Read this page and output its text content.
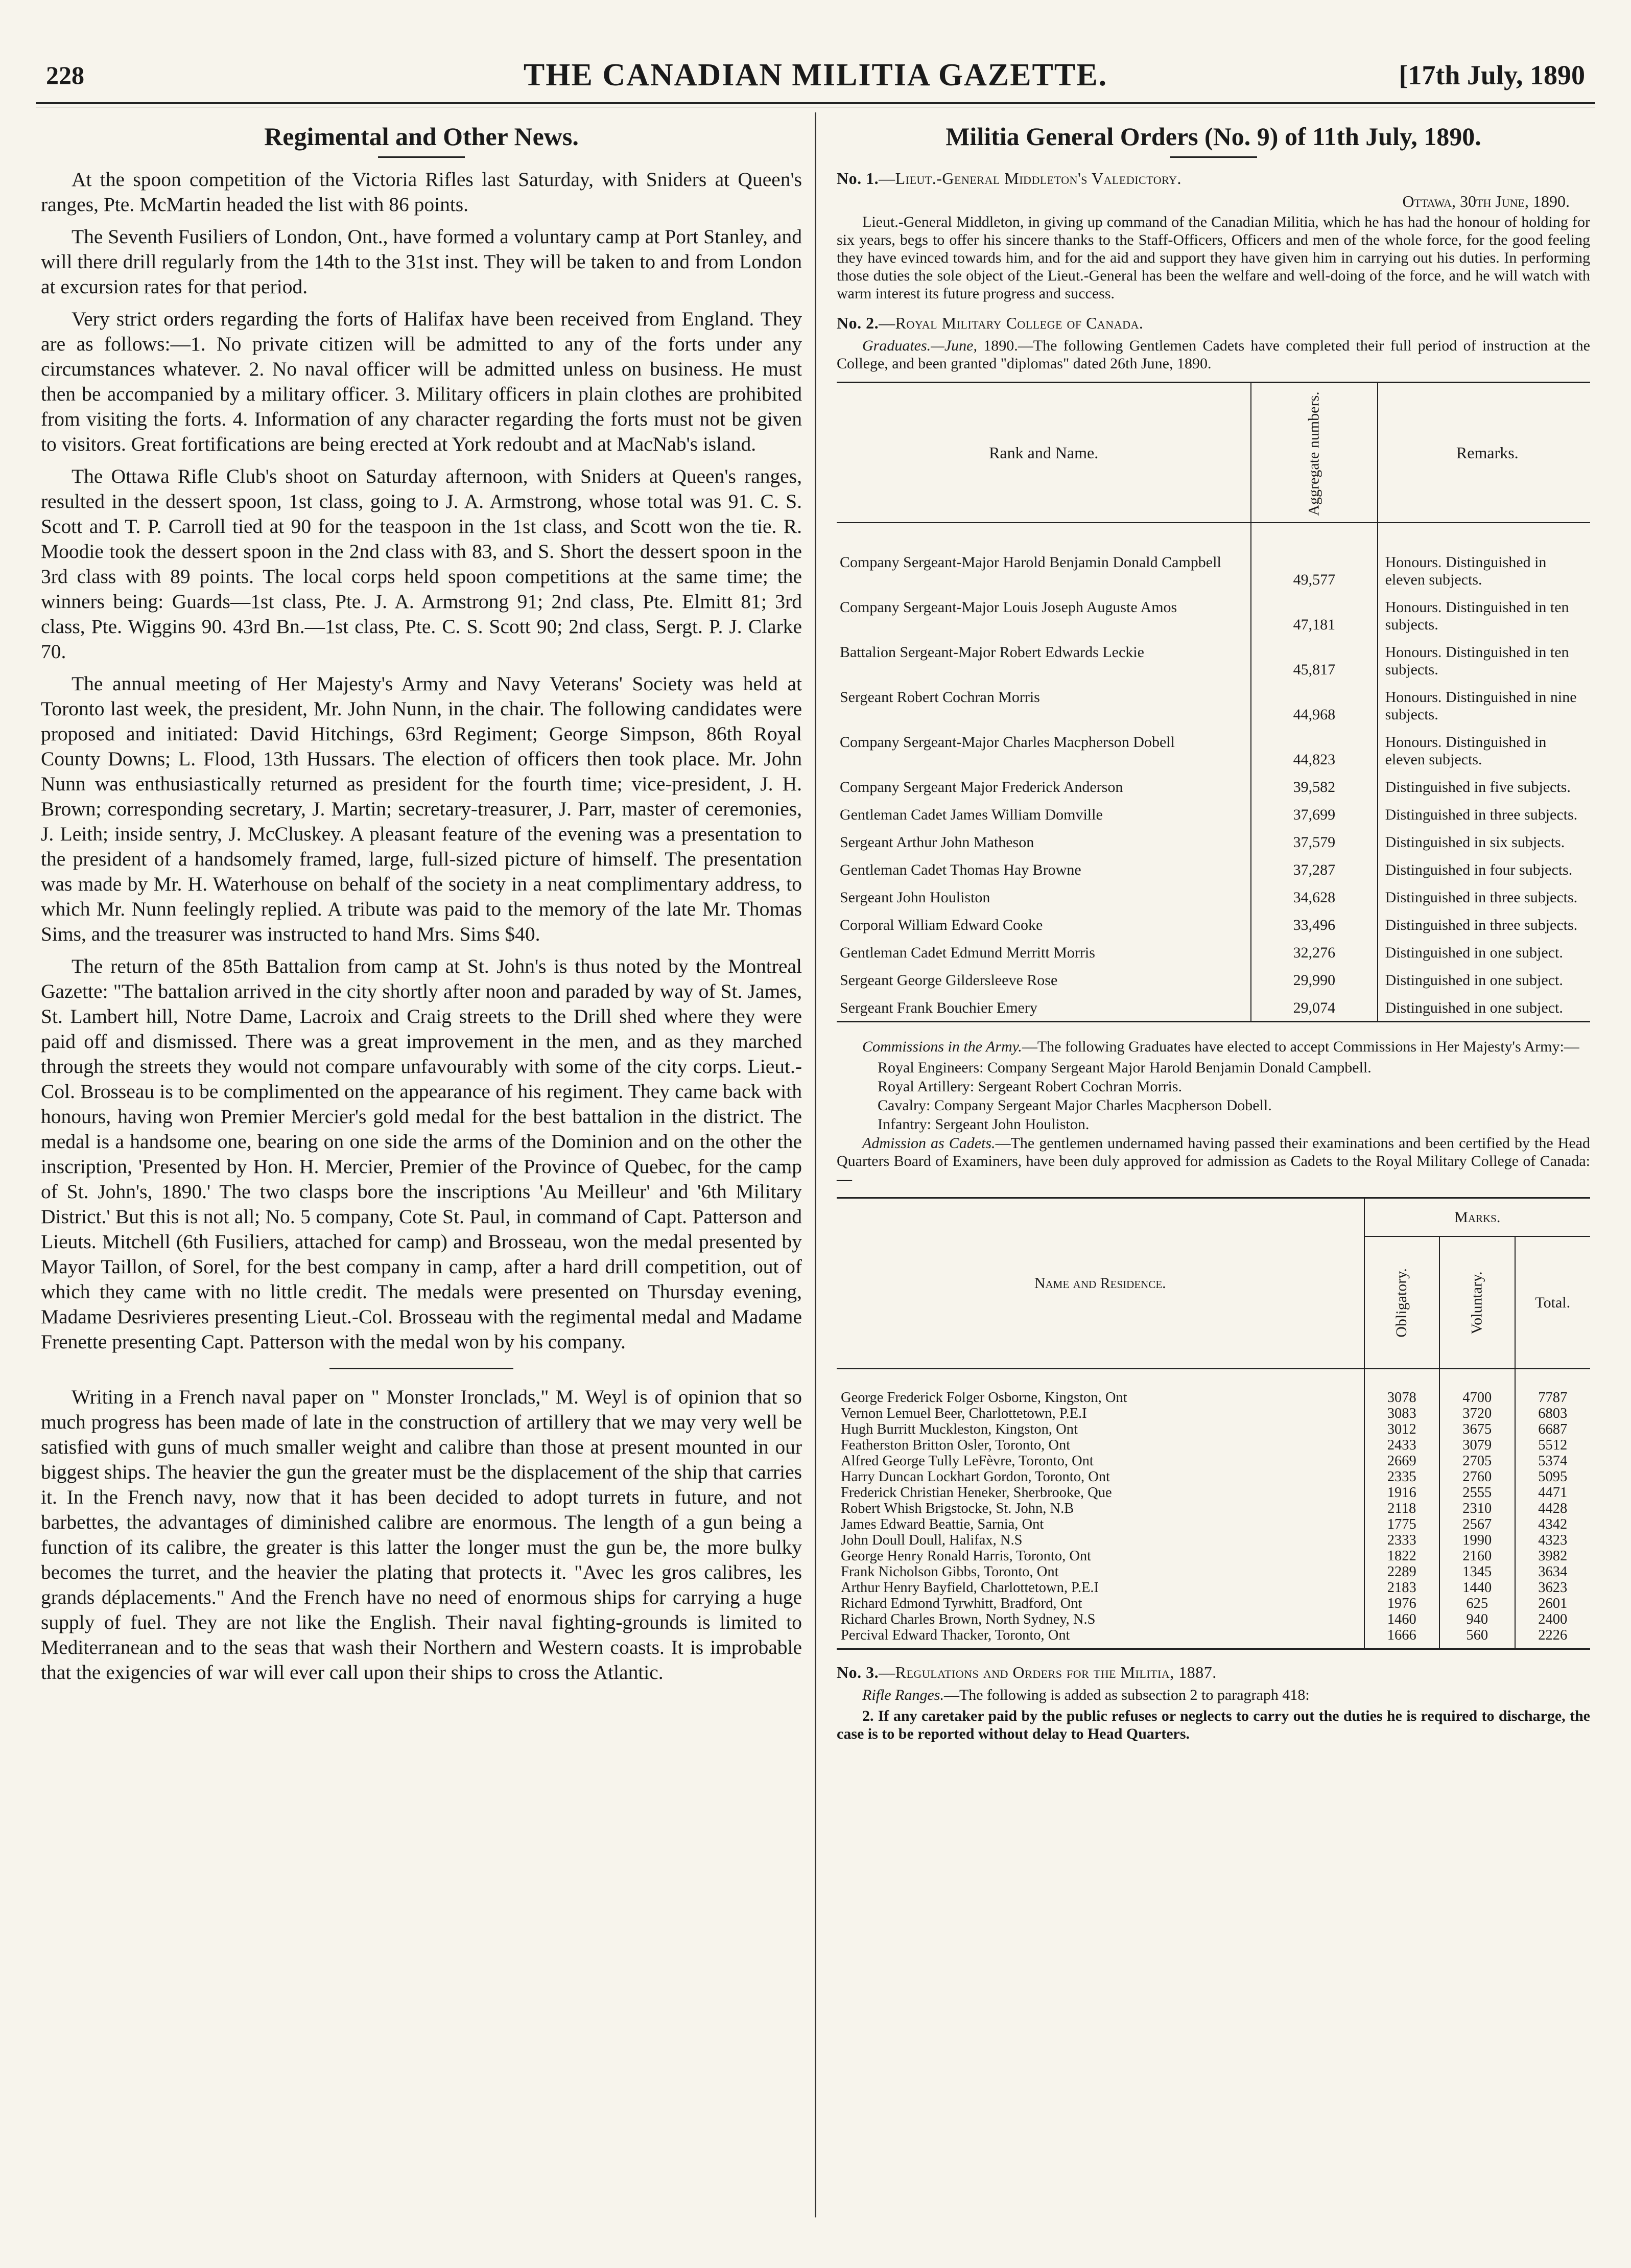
228	THE CANADIAN MILITIA GAZETTE.	[17th July, 1890
Regimental and Other News.

At the spoon competition of the Victoria Rifles last Saturday, with Sniders at Queen's ranges, Pte. McMartin headed the list with 86 points.

The Seventh Fusiliers of London, Ont., have formed a voluntary camp at Port Stanley, and will there drill regularly from the 14th to the 31st inst. They will be taken to and from London at excursion rates for that period.

Very strict orders regarding the forts of Halifax have been received from England. They are as follows:—1. No private citizen will be admitted to any of the forts under any circumstances whatever. 2. No naval officer will be admitted unless on business. He must then be accompanied by a military officer. 3. Military officers in plain clothes are prohibited from visiting the forts. 4. Information of any character regarding the forts must not be given to visitors. Great fortifications are being erected at York redoubt and at MacNab's island.

The Ottawa Rifle Club's shoot on Saturday afternoon, with Sniders at Queen's ranges, resulted in the dessert spoon, 1st class, going to J. A. Armstrong, whose total was 91. C. S. Scott and T. P. Carroll tied at 90 for the teaspoon in the 1st class, and Scott won the tie. R. Moodie took the dessert spoon in the 2nd class with 83, and S. Short the dessert spoon in the 3rd class with 89 points. The local corps held spoon competitions at the same time; the winners being: Guards—1st class, Pte. J. A. Armstrong 91; 2nd class, Pte. Elmitt 81; 3rd class, Pte. Wiggins 90. 43rd Bn.—1st class, Pte. C. S. Scott 90; 2nd class, Sergt. P. J. Clarke 70.

The annual meeting of Her Majesty's Army and Navy Veterans' Society was held at Toronto last week, the president, Mr. John Nunn, in the chair. The following candidates were proposed and initiated: David Hitchings, 63rd Regiment; George Simpson, 86th Royal County Downs; L. Flood, 13th Hussars. The election of officers then took place. Mr. John Nunn was enthusiastically returned as president for the fourth time; vice-president, J. H. Brown; corresponding secretary, J. Martin; secretary-treasurer, J. Parr, master of ceremonies, J. Leith; inside sentry, J. McCluskey. A pleasant feature of the evening was a presentation to the president of a handsomely framed, large, full-sized picture of himself. The presentation was made by Mr. H. Waterhouse on behalf of the society in a neat complimentary address, to which Mr. Nunn feelingly replied. A tribute was paid to the memory of the late Mr. Thomas Sims, and the treasurer was instructed to hand Mrs. Sims $40.

The return of the 85th Battalion from camp at St. John's is thus noted by the Montreal Gazette: "The battalion arrived in the city shortly after noon and paraded by way of St. James, St. Lambert hill, Notre Dame, Lacroix and Craig streets to the Drill shed where they were paid off and dismissed. There was a great improvement in the men, and as they marched through the streets they would not compare unfavourably with some of the city corps. Lieut.-Col. Brosseau is to be complimented on the appearance of his regiment. They came back with honours, having won Premier Mercier's gold medal for the best battalion in the district. The medal is a handsome one, bearing on one side the arms of the Dominion and on the other the inscription, 'Presented by Hon. H. Mercier, Premier of the Province of Quebec, for the camp of St. John's, 1890.' The two clasps bore the inscriptions 'Au Meilleur' and '6th Military District.' But this is not all; No. 5 company, Cote St. Paul, in command of Capt. Patterson and Lieuts. Mitchell (6th Fusiliers, attached for camp) and Brosseau, won the medal presented by Mayor Taillon, of Sorel, for the best company in camp, after a hard drill competition, out of which they came with no little credit. The medals were presented on Thursday evening, Madame Desrivieres presenting Lieut.-Col. Brosseau with the regimental medal and Madame Frenette presenting Capt. Patterson with the medal won by his company.

Writing in a French naval paper on " Monster Ironclads," M. Weyl is of opinion that so much progress has been made of late in the construction of artillery that we may very well be satisfied with guns of much smaller weight and calibre than those at present mounted in our biggest ships. The heavier the gun the greater must be the displacement of the ship that carries it. In the French navy, now that it has been decided to adopt turrets in future, and not barbettes, the advantages of diminished calibre are enormous. The length of a gun being a function of its calibre, the greater is this latter the longer must the gun be, the more bulky becomes the turret, and the heavier the plating that protects it. "Avec les gros calibres, les grands déplacements." And the French have no need of enormous ships for carrying a huge supply of fuel. They are not like the English. Their naval fighting-grounds is limited to Mediterranean and to the seas that wash their Northern and Western coasts. It is improbable that the exigencies of war will ever call upon their ships to cross the Atlantic.

Militia General Orders (No. 9) of 11th July, 1890.
No. 1.—Lieut.-General Middleton's Valedictory.
Ottawa, 30th June, 1890.

Lieut.-General Middleton, in giving up command of the Canadian Militia, which he has had the honour of holding for six years, begs to offer his sincere thanks to the Staff-Officers, Officers and men of the whole force, for the good feeling they have evinced towards him, and for the aid and support they have given him in carrying out his duties. In performing those duties the sole object of the Lieut.-General has been the welfare and well-doing of the force, and he will watch with warm interest its future progress and success.

No. 2.—Royal Military College of Canada.

Graduates.—June, 1890.—The following Gentlemen Cadets have completed their full period of instruction at the College, and been granted "diplomas" dated 26th June, 1890.

Rank and Name.	Aggregate numbers.	Remarks.
Company Sergeant-Major Harold Benjamin Donald Campbell	49,577	Honours. Distinguished in eleven subjects.
Company Sergeant-Major Louis Joseph Auguste Amos	47,181	Honours. Distinguished in ten subjects.
Battalion Sergeant-Major Robert Edwards Leckie	45,817	Honours. Distinguished in ten subjects.
Sergeant Robert Cochran Morris	44,968	Honours. Distinguished in nine subjects.
Company Sergeant-Major Charles Macpherson Dobell	44,823	Honours. Distinguished in eleven subjects.
Company Sergeant Major Frederick Anderson	39,582	Distinguished in five subjects.
Gentleman Cadet James William Domville	37,699	Distinguished in three subjects.
Sergeant Arthur John Matheson	37,579	Distinguished in six subjects.
Gentleman Cadet Thomas Hay Browne	37,287	Distinguished in four subjects.
Sergeant John Houliston	34,628	Distinguished in three subjects.
Corporal William Edward Cooke	33,496	Distinguished in three subjects.
Gentleman Cadet Edmund Merritt Morris	32,276	Distinguished in one subject.
Sergeant George Gildersleeve Rose	29,990	Distinguished in one subject.
Sergeant Frank Bouchier Emery	29,074	Distinguished in one subject.

Commissions in the Army.—The following Graduates have elected to accept Commissions in Her Majesty's Army:—

Royal Engineers: Company Sergeant Major Harold Benjamin Donald Campbell.
Royal Artillery: Sergeant Robert Cochran Morris.
Cavalry: Company Sergeant Major Charles Macpherson Dobell.
Infantry: Sergeant John Houliston.

Admission as Cadets.—The gentlemen undernamed having passed their examinations and been certified by the Head Quarters Board of Examiners, have been duly approved for admission as Cadets to the Royal Military College of Canada:—

Name and Residence.	Marks.		
	Obligatory.	Voluntary.	Total.
George Frederick Folger Osborne, Kingston, Ont	3078	4700	7787
Vernon Lemuel Beer, Charlottetown, P.E.I	3083	3720	6803
Hugh Burritt Muckleston, Kingston, Ont	3012	3675	6687
Featherston Britton Osler, Toronto, Ont	2433	3079	5512
Alfred George Tully LeFèvre, Toronto, Ont	2669	2705	5374
Harry Duncan Lockhart Gordon, Toronto, Ont	2335	2760	5095
Frederick Christian Heneker, Sherbrooke, Que	1916	2555	4471
Robert Whish Brigstocke, St. John, N.B	2118	2310	4428
James Edward Beattie, Sarnia, Ont	1775	2567	4342
John Doull Doull, Halifax, N.S	2333	1990	4323
George Henry Ronald Harris, Toronto, Ont	1822	2160	3982
Frank Nicholson Gibbs, Toronto, Ont	2289	1345	3634
Arthur Henry Bayfield, Charlottetown, P.E.I	2183	1440	3623
Richard Edmond Tyrwhitt, Bradford, Ont	1976	625	2601
Richard Charles Brown, North Sydney, N.S	1460	940	2400
Percival Edward Thacker, Toronto, Ont	1666	560	2226
No. 3.—Regulations and Orders for the Militia, 1887.

Rifle Ranges.—The following is added as subsection 2 to paragraph 418:

2. If any caretaker paid by the public refuses or neglects to carry out the duties he is required to discharge, the case is to be reported without delay to Head Quarters.
